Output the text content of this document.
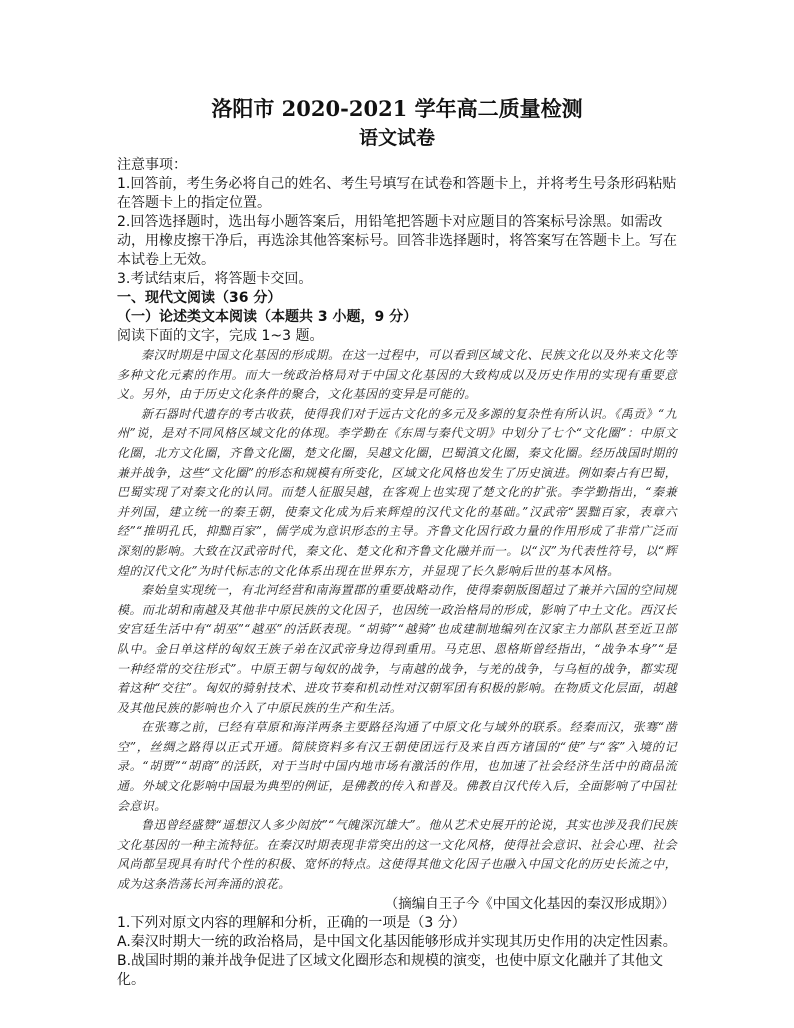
洛阳市 2020-2021 学年高二质量检测
语文试卷

注意事项：

1.回答前，考生务必将自己的姓名、考生号填写在试卷和答题卡上，并将考生号条形码粘贴在答题卡上的指定位置。

2.回答选择题时，选出每小题答案后，用铅笔把答题卡对应题目的答案标号涂黑。如需改动，用橡皮擦干净后，再选涂其他答案标号。回答非选择题时，将答案写在答题卡上。写在本试卷上无效。

3.考试结束后，将答题卡交回。

一、现代文阅读（36 分）

（一）论述类文本阅读（本题共 3 小题，9 分）

阅读下面的文字，完成 1~3 题。

秦汉时期是中国文化基因的形成期。在这一过程中，可以看到区域文化、民族文化以及外来文化等多种文化元素的作用。而大一统政治格局对于中国文化基因的大致构成以及历史作用的实现有重要意义。另外，由于历史文化条件的聚合，文化基因的变异是可能的。

新石器时代遗存的考古收获，使得我们对于远古文化的多元及多源的复杂性有所认识。《禹贡》“九州”说，是对不同风格区域文化的体现。李学勤在《东周与秦代文明》中划分了七个“文化圈”：中原文化圈，北方文化圈，齐鲁文化圈，楚文化圈，吴越文化圈，巴蜀滇文化圈，秦文化圈。经历战国时期的兼并战争，这些“文化圈”的形态和规模有所变化，区域文化风格也发生了历史演进。例如秦占有巴蜀，巴蜀实现了对秦文化的认同。而楚人征服吴越，在客观上也实现了楚文化的扩张。李学勤指出，“秦兼并列国，建立统一的秦王朝，使秦文化成为后来辉煌的汉代文化的基础。”汉武帝“罢黜百家，表章六经”“推明孔氏，抑黜百家”，儒学成为意识形态的主导。齐鲁文化因行政力量的作用形成了非常广泛而深刻的影响。大致在汉武帝时代，秦文化、楚文化和齐鲁文化融并而一。以“汉”为代表性符号，以“辉煌的汉代文化”为时代标志的文化体系出现在世界东方，并显现了长久影响后世的基本风格。

秦始皇实现统一，有北河经营和南海置郡的重要战略动作，使得秦朝版图超过了兼并六国的空间规模。而北胡和南越及其他非中原民族的文化因子，也因统一政治格局的形成，影响了中土文化。西汉长安宫廷生活中有“胡巫”“越巫”的活跃表现。“胡骑”“越骑”也成建制地编列在汉家主力部队甚至近卫部队中。金日单这样的匈奴王族子弟在汉武帝身边得到重用。马克思、恩格斯曾经指出，“战争本身”“是一种经常的交往形式”。中原王朝与匈奴的战争，与南越的战争，与羌的战争，与乌桓的战争，都实现着这种“交往”。匈奴的骑射技术、进攻节奏和机动性对汉朝军团有积极的影响。在物质文化层面，胡越及其他民族的影响也介入了中原民族的生产和生活。

在张骞之前，已经有草原和海洋两条主要路径沟通了中原文化与域外的联系。经秦而汉，张骞“凿空”，丝绸之路得以正式开通。简牍资料多有汉王朝使团远行及来自西方诸国的“使”与“客”入境的记录。“胡贾”“胡商”的活跃，对于当时中国内地市场有激活的作用，也加速了社会经济生活中的商品流通。外域文化影响中国最为典型的例证，是佛教的传入和普及。佛教自汉代传入后，全面影响了中国社会意识。

鲁迅曾经盛赞“遥想汉人多少闳放”“气魄深沉雄大”。他从艺术史展开的论说，其实也涉及我们民族文化基因的一种主流特征。在秦汉时期表现非常突出的这一文化风格，使得社会意识、社会心理、社会风尚都呈现具有时代个性的积极、宽怀的特点。这使得其他文化因子也融入中国文化的历史长流之中，成为这条浩荡长河奔涌的浪花。

（摘编自王子今《中国文化基因的秦汉形成期》）

1.下列对原文内容的理解和分析，正确的一项是（3 分）

A.秦汉时期大一统的政治格局，是中国文化基因能够形成并实现其历史作用的决定性因素。

B.战国时期的兼并战争促进了区域文化圈形态和规模的演变，也使中原文化融并了其他文化。
